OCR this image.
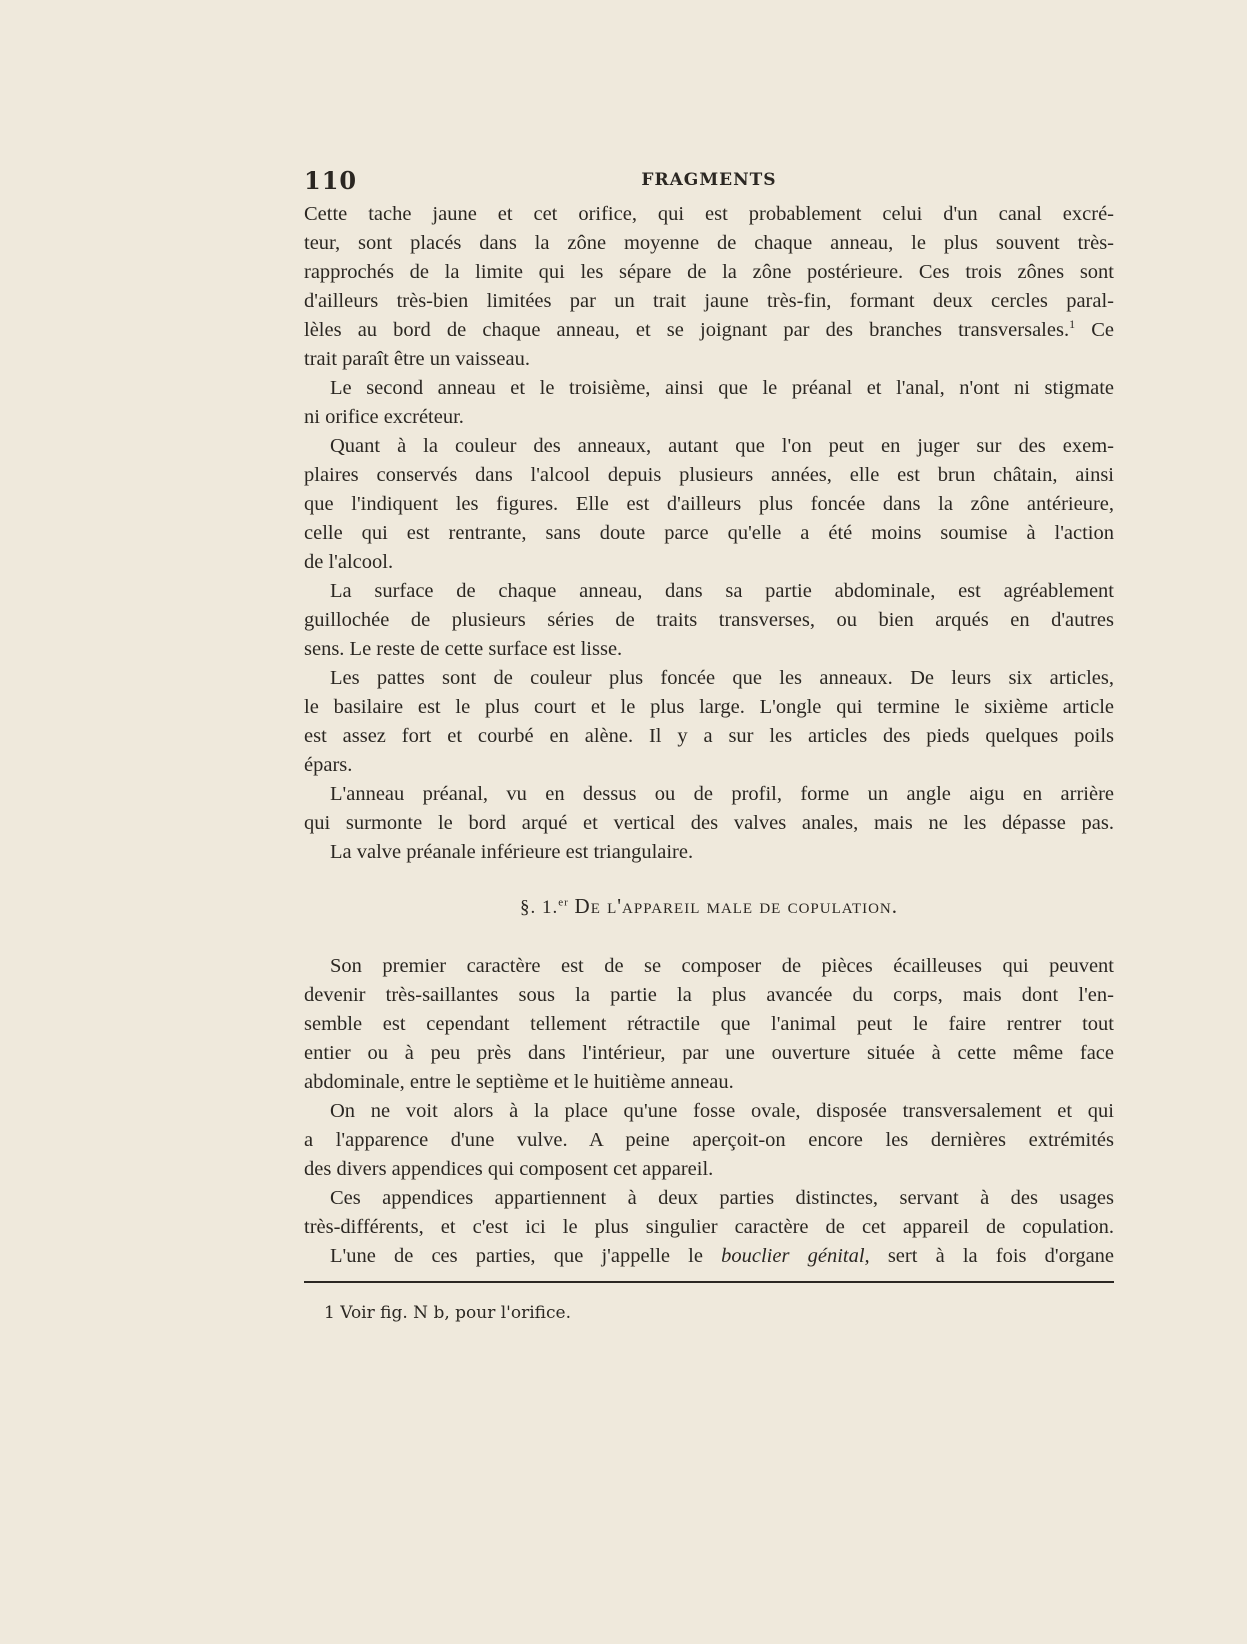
110	FRAGMENTS
Cette tache jaune et cet orifice, qui est probablement celui d'un canal excré-
teur, sont placés dans la zône moyenne de chaque anneau, le plus souvent très-
rapprochés de la limite qui les sépare de la zône postérieure. Ces trois zônes sont
d'ailleurs très-bien limitées par un trait jaune très-fin, formant deux cercles paral-
lèles au bord de chaque anneau, et se joignant par des branches transversales.$^1$ Ce
trait paraît être un vaisseau.
Le second anneau et le troisième, ainsi que le préanal et l'anal, n'ont ni stigmate
ni orifice excréteur.
Quant à la couleur des anneaux, autant que l'on peut en juger sur des exem-
plaires conservés dans l'alcool depuis plusieurs années, elle est brun châtain, ainsi
que l'indiquent les figures. Elle est d'ailleurs plus foncée dans la zône antérieure,
celle qui est rentrante, sans doute parce qu'elle a été moins soumise à l'action
de l'alcool.
La surface de chaque anneau, dans sa partie abdominale, est agréablement
guillochée de plusieurs séries de traits transverses, ou bien arqués en d'autres
sens. Le reste de cette surface est lisse.
Les pattes sont de couleur plus foncée que les anneaux. De leurs six articles,
le basilaire est le plus court et le plus large. L'ongle qui termine le sixième article
est assez fort et courbé en alène. Il y a sur les articles des pieds quelques poils
épars.
L'anneau préanal, vu en dessus ou de profil, forme un angle aigu en arrière
qui surmonte le bord arqué et vertical des valves anales, mais ne les dépasse pas.
La valve préanale inférieure est triangulaire.
§. 1.$^{er}$ De l'appareil male de copulation.
Son premier caractère est de se composer de pièces écailleuses qui peuvent
devenir très-saillantes sous la partie la plus avancée du corps, mais dont l'en-
semble est cependant tellement rétractile que l'animal peut le faire rentrer tout
entier ou à peu près dans l'intérieur, par une ouverture située à cette même face
abdominale, entre le septième et le huitième anneau.
On ne voit alors à la place qu'une fosse ovale, disposée transversalement et qui
a l'apparence d'une vulve. A peine aperçoit-on encore les dernières extrémités
des divers appendices qui composent cet appareil.
Ces appendices appartiennent à deux parties distinctes, servant à des usages
très-différents, et c'est ici le plus singulier caractère de cet appareil de copulation.
L'une de ces parties, que j'appelle le bouclier génital, sert à la fois d'organe
1 Voir fig. N b, pour l'orifice.
